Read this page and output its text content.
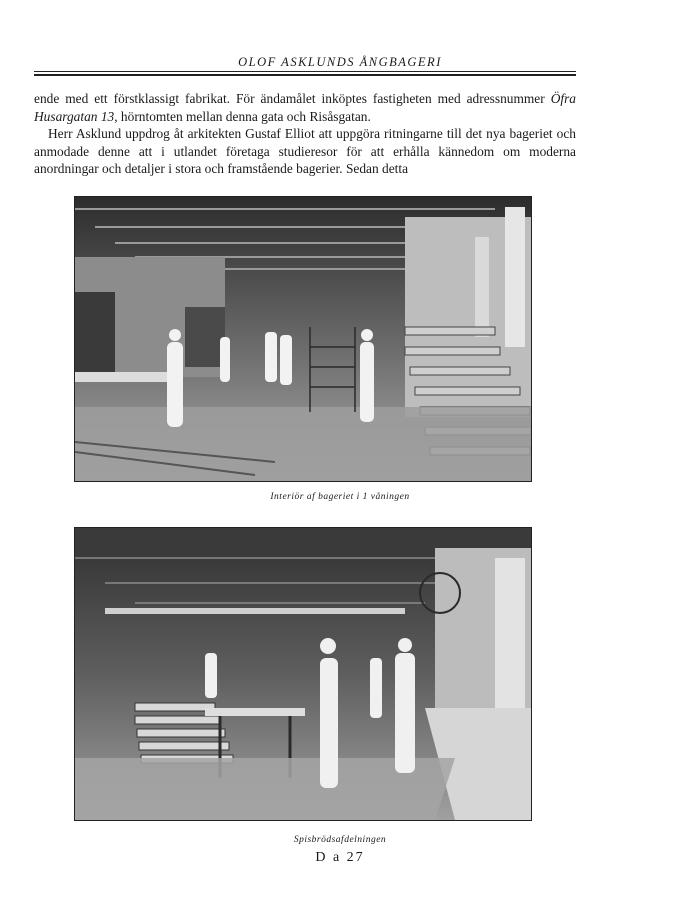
OLOF ASKLUNDS ÅNGBAGERI

ende med ett förstklassigt fabrikat. För ändamålet inköptes fastigheten med adressnummer Öfra Husargatan 13, hörntomten mellan denna gata och Risåsgatan.

Herr Asklund uppdrog åt arkitekten Gustaf Elliot att uppgöra ritningarne till det nya bageriet och anmodade denne att i utlandet företaga studieresor för att erhålla kännedom om moderna anordningar och detaljer i stora och framstående bagerier. Sedan detta

Interiör af bageriet i 1 våningen
Spisbrödsafdelningen
D a 27
